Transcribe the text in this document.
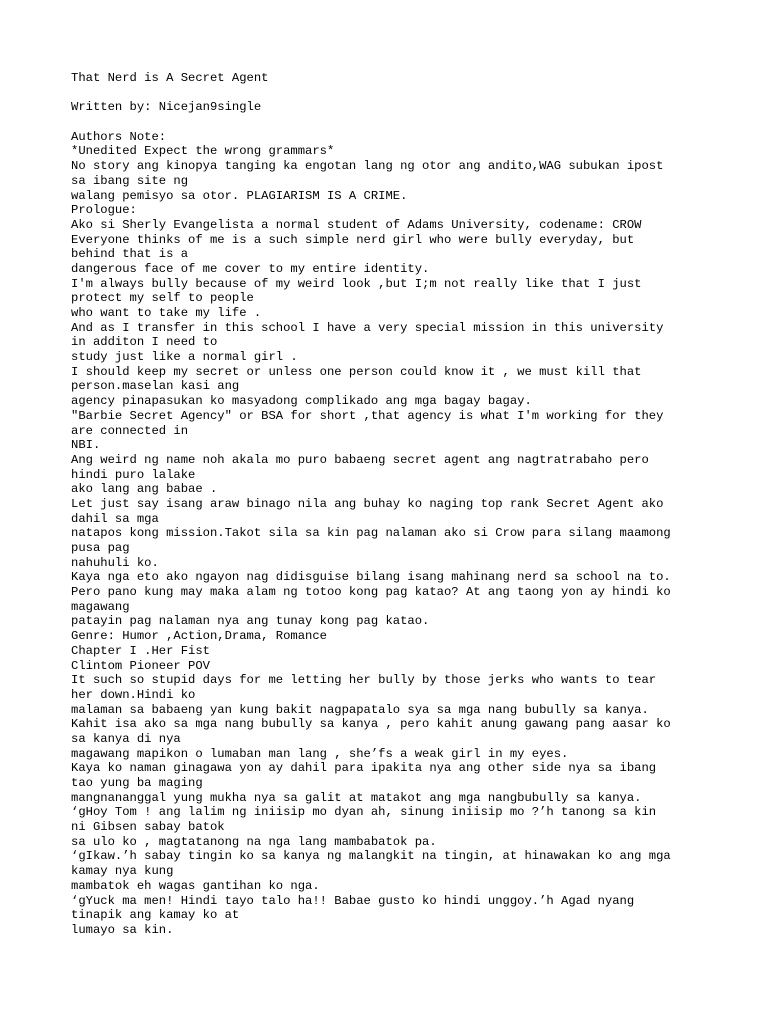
That Nerd is A Secret Agent
Written by: Nicejan9single
Authors Note:
*Unedited Expect the wrong grammars*
No story ang kinopya tanging ka engotan lang ng otor ang andito,WAG subukan ipost
sa ibang site ng
walang pemisyo sa otor. PLAGIARISM IS A CRIME.
Prologue:
Ako si Sherly Evangelista a normal student of Adams University, codename: CROW
Everyone thinks of me is a such simple nerd girl who were bully everyday, but
behind that is a
dangerous face of me cover to my entire identity.
I'm always bully because of my weird look ,but I;m not really like that I just
protect my self to people
who want to take my life .
And as I transfer in this school I have a very special mission in this university
in additon I need to
study just like a normal girl .
I should keep my secret or unless one person could know it , we must kill that
person.maselan kasi ang
agency pinapasukan ko masyadong complikado ang mga bagay bagay.
"Barbie Secret Agency" or BSA for short ,that agency is what I'm working for they
are connected in
NBI.
Ang weird ng name noh akala mo puro babaeng secret agent ang nagtratrabaho pero
hindi puro lalake
ako lang ang babae .
Let just say isang araw binago nila ang buhay ko naging top rank Secret Agent ako
dahil sa mga
natapos kong mission.Takot sila sa kin pag nalaman ako si Crow para silang maamong
pusa pag
nahuhuli ko.
Kaya nga eto ako ngayon nag didisguise bilang isang mahinang nerd sa school na to.
Pero pano kung may maka alam ng totoo kong pag katao? At ang taong yon ay hindi ko
magawang
patayin pag nalaman nya ang tunay kong pag katao.
Genre: Humor ,Action,Drama, Romance
Chapter I .Her Fist
Clintom Pioneer POV
It such so stupid days for me letting her bully by those jerks who wants to tear
her down.Hindi ko
malaman sa babaeng yan kung bakit nagpapatalo sya sa mga nang bubully sa kanya.
Kahit isa ako sa mga nang bubully sa kanya , pero kahit anung gawang pang aasar ko
sa kanya di nya
magawang mapikon o lumaban man lang , she’fs a weak girl in my eyes.
Kaya ko naman ginagawa yon ay dahil para ipakita nya ang other side nya sa ibang
tao yung ba maging
mangnananggal yung mukha nya sa galit at matakot ang mga nangbubully sa kanya.
‘gHoy Tom ! ang lalim ng iniisip mo dyan ah, sinung iniisip mo ?’h tanong sa kin
ni Gibsen sabay batok
sa ulo ko , magtatanong na nga lang mambabatok pa.
‘gIkaw.’h sabay tingin ko sa kanya ng malangkit na tingin, at hinawakan ko ang mga
kamay nya kung
mambatok eh wagas gantihan ko nga.
‘gYuck ma men! Hindi tayo talo ha!! Babae gusto ko hindi unggoy.’h Agad nyang
tinapik ang kamay ko at
lumayo sa kin.
